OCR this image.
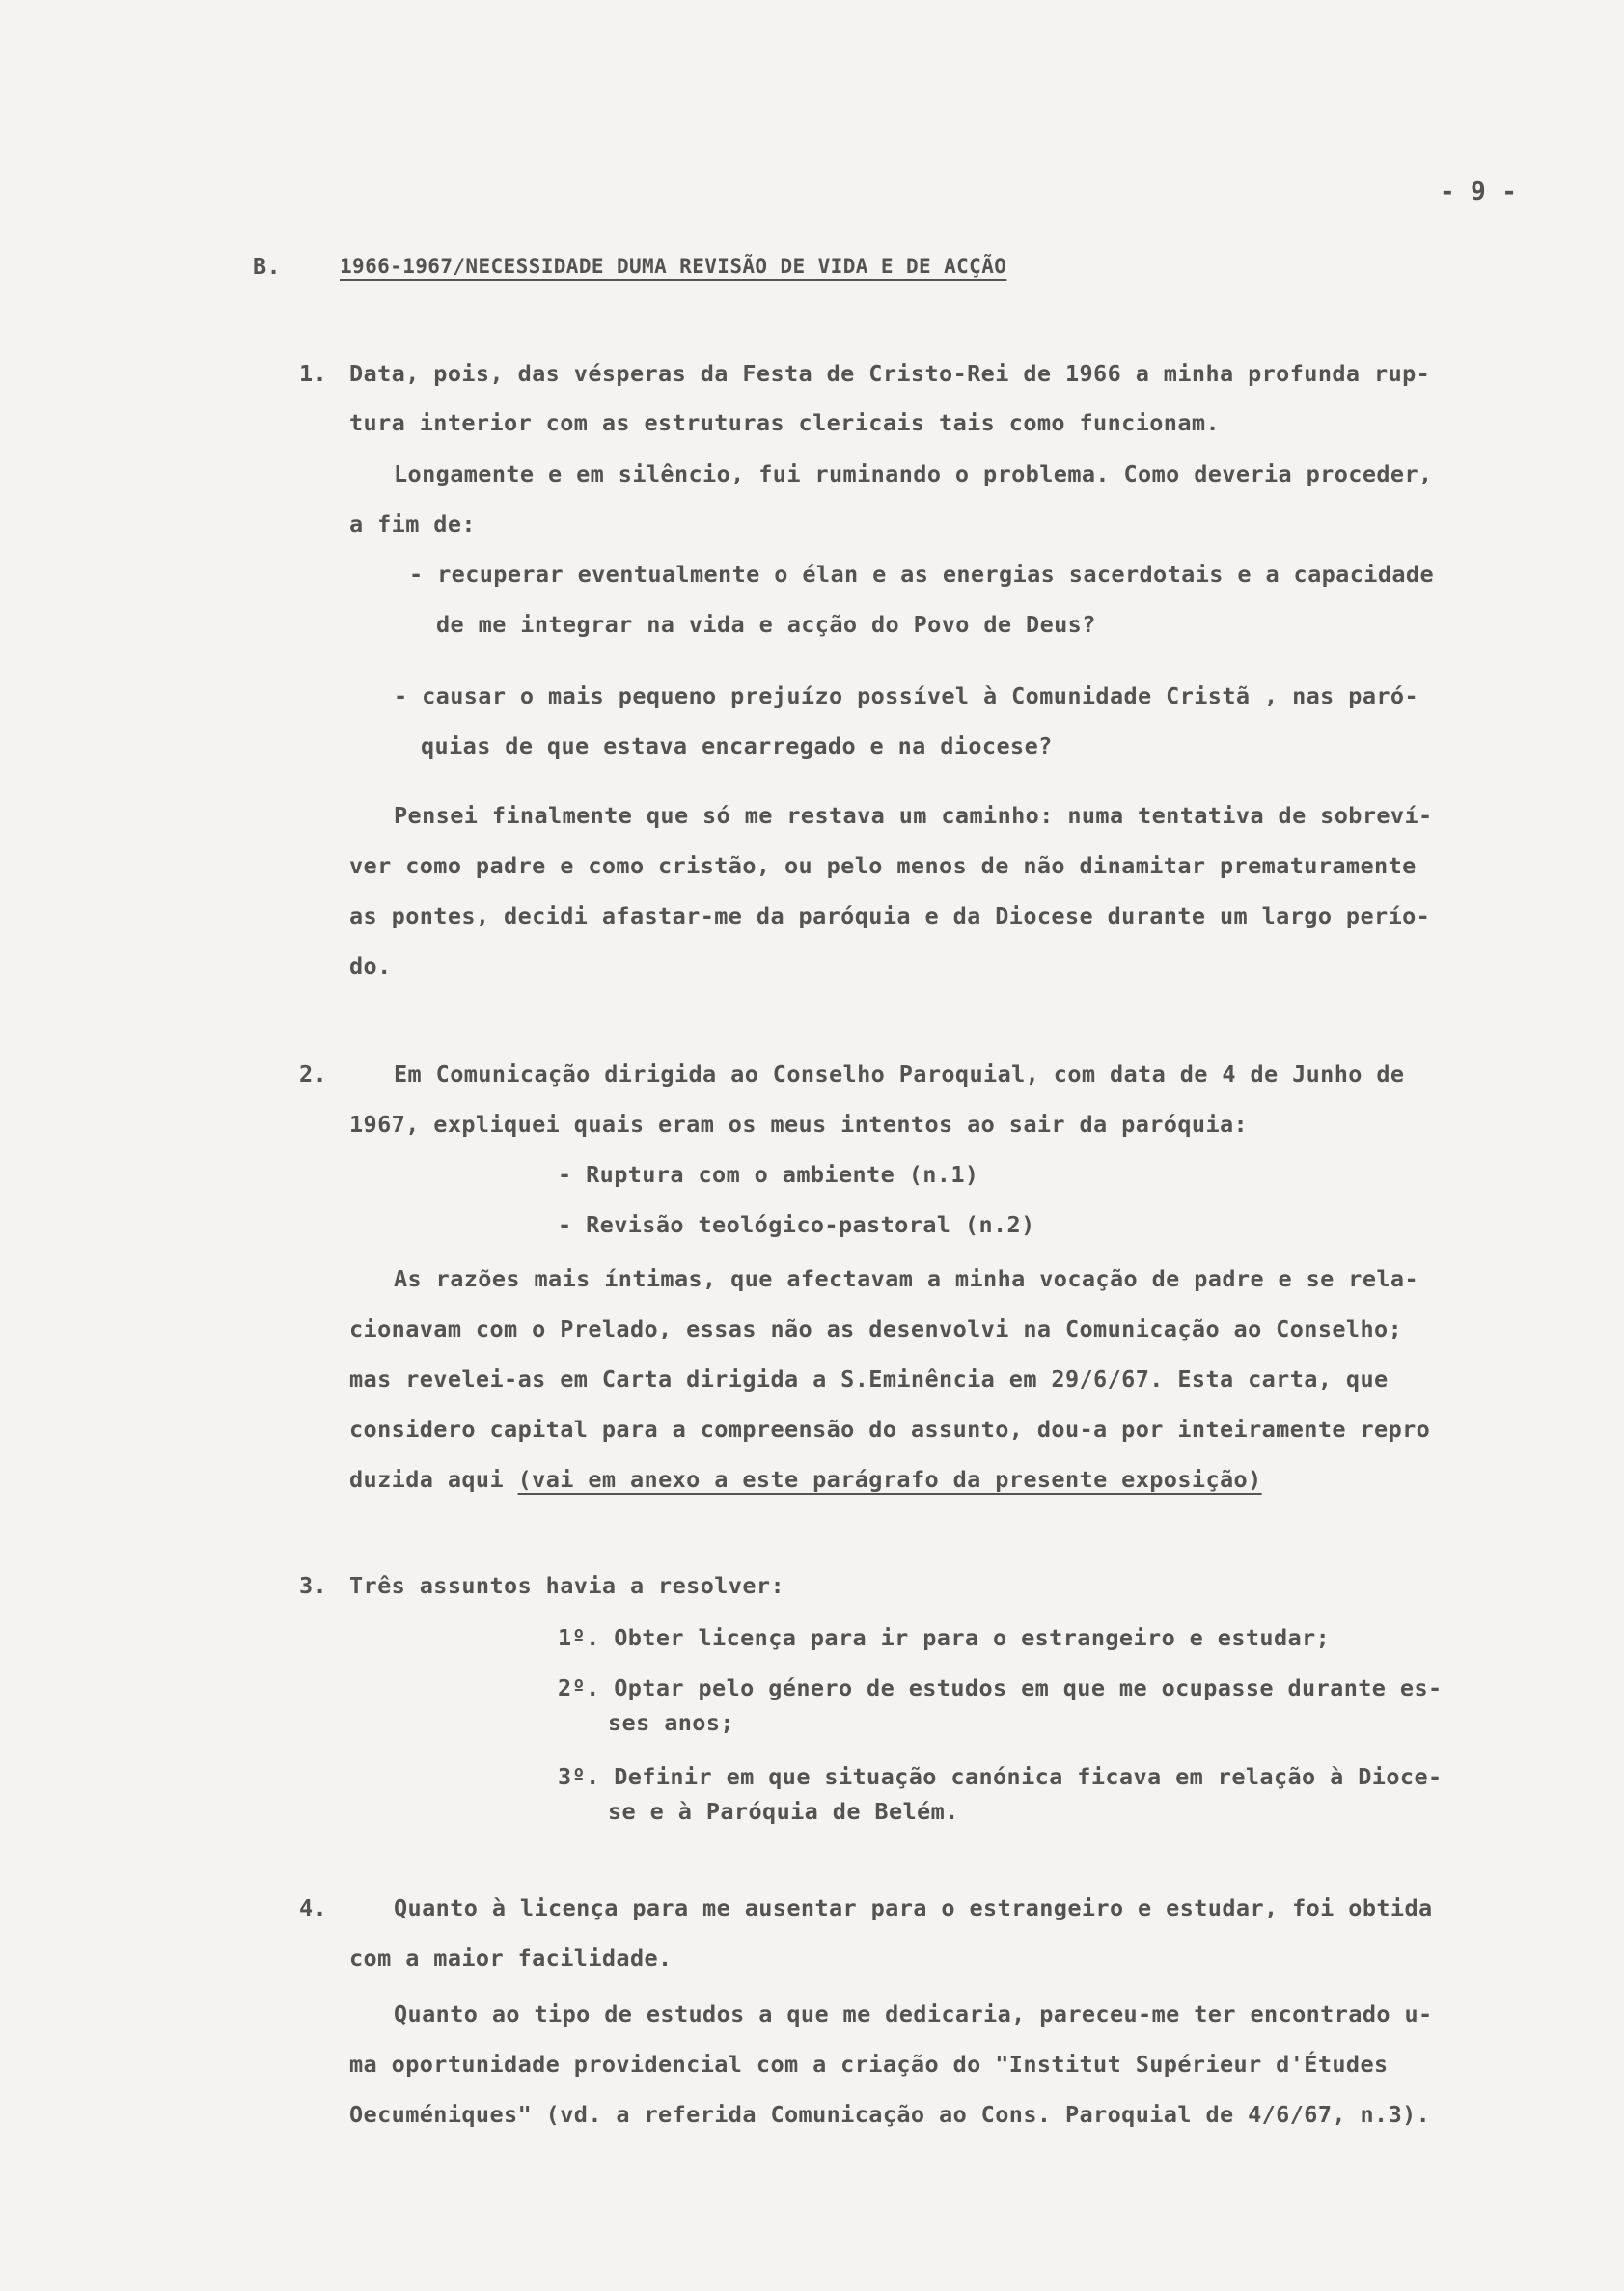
- 9 -
B.	1966-1967/NECESSIDADE DUMA REVISÃO DE VIDA E DE ACÇÃO
1. Data, pois, das vésperas da Festa de Cristo-Rei de 1966 a minha profunda rup-
tura interior com as estruturas clericais tais como funcionam.
Longamente e em silêncio, fui ruminando o problema. Como deveria proceder,
a fim de:
- recuperar eventualmente o élan e as energias sacerdotais e a capacidade
de me integrar na vida e acção do Povo de Deus?
- causar o mais pequeno prejuízo possível à Comunidade Cristã , nas paró-
quias de que estava encarregado e na diocese?
Pensei finalmente que só me restava um caminho: numa tentativa de sobreví-
ver como padre e como cristão, ou pelo menos de não dinamitar prematuramente
as pontes, decidi afastar-me da paróquia e da Diocese durante um largo perío-
do.
2.	Em Comunicação dirigida ao Conselho Paroquial, com data de 4 de Junho de
1967, expliquei quais eram os meus intentos ao sair da paróquia:
- Ruptura com o ambiente (n.1)
- Revisão teológico-pastoral (n.2)
As razões mais íntimas, que afectavam a minha vocação de padre e se rela-
cionavam com o Prelado, essas não as desenvolvi na Comunicação ao Conselho;
mas revelei-as em Carta dirigida a S.Eminência em 29/6/67. Esta carta, que
considero capital para a compreensão do assunto, dou-a por inteiramente repro
duzida aqui (vai em anexo a este parágrafo da presente exposição)
3. Três assuntos havia a resolver:
1º. Obter licença para ir para o estrangeiro e estudar;
2º. Optar pelo género de estudos em que me ocupasse durante es-
ses anos;
3º. Definir em que situação canónica ficava em relação à Dioce-
se e à Paróquia de Belém.
4.	Quanto à licença para me ausentar para o estrangeiro e estudar, foi obtida
com a maior facilidade.
Quanto ao tipo de estudos a que me dedicaria, pareceu-me ter encontrado u-
ma oportunidade providencial com a criação do "Institut Supérieur d'Études
Oecuméniques" (vd. a referida Comunicação ao Cons. Paroquial de 4/6/67, n.3).
